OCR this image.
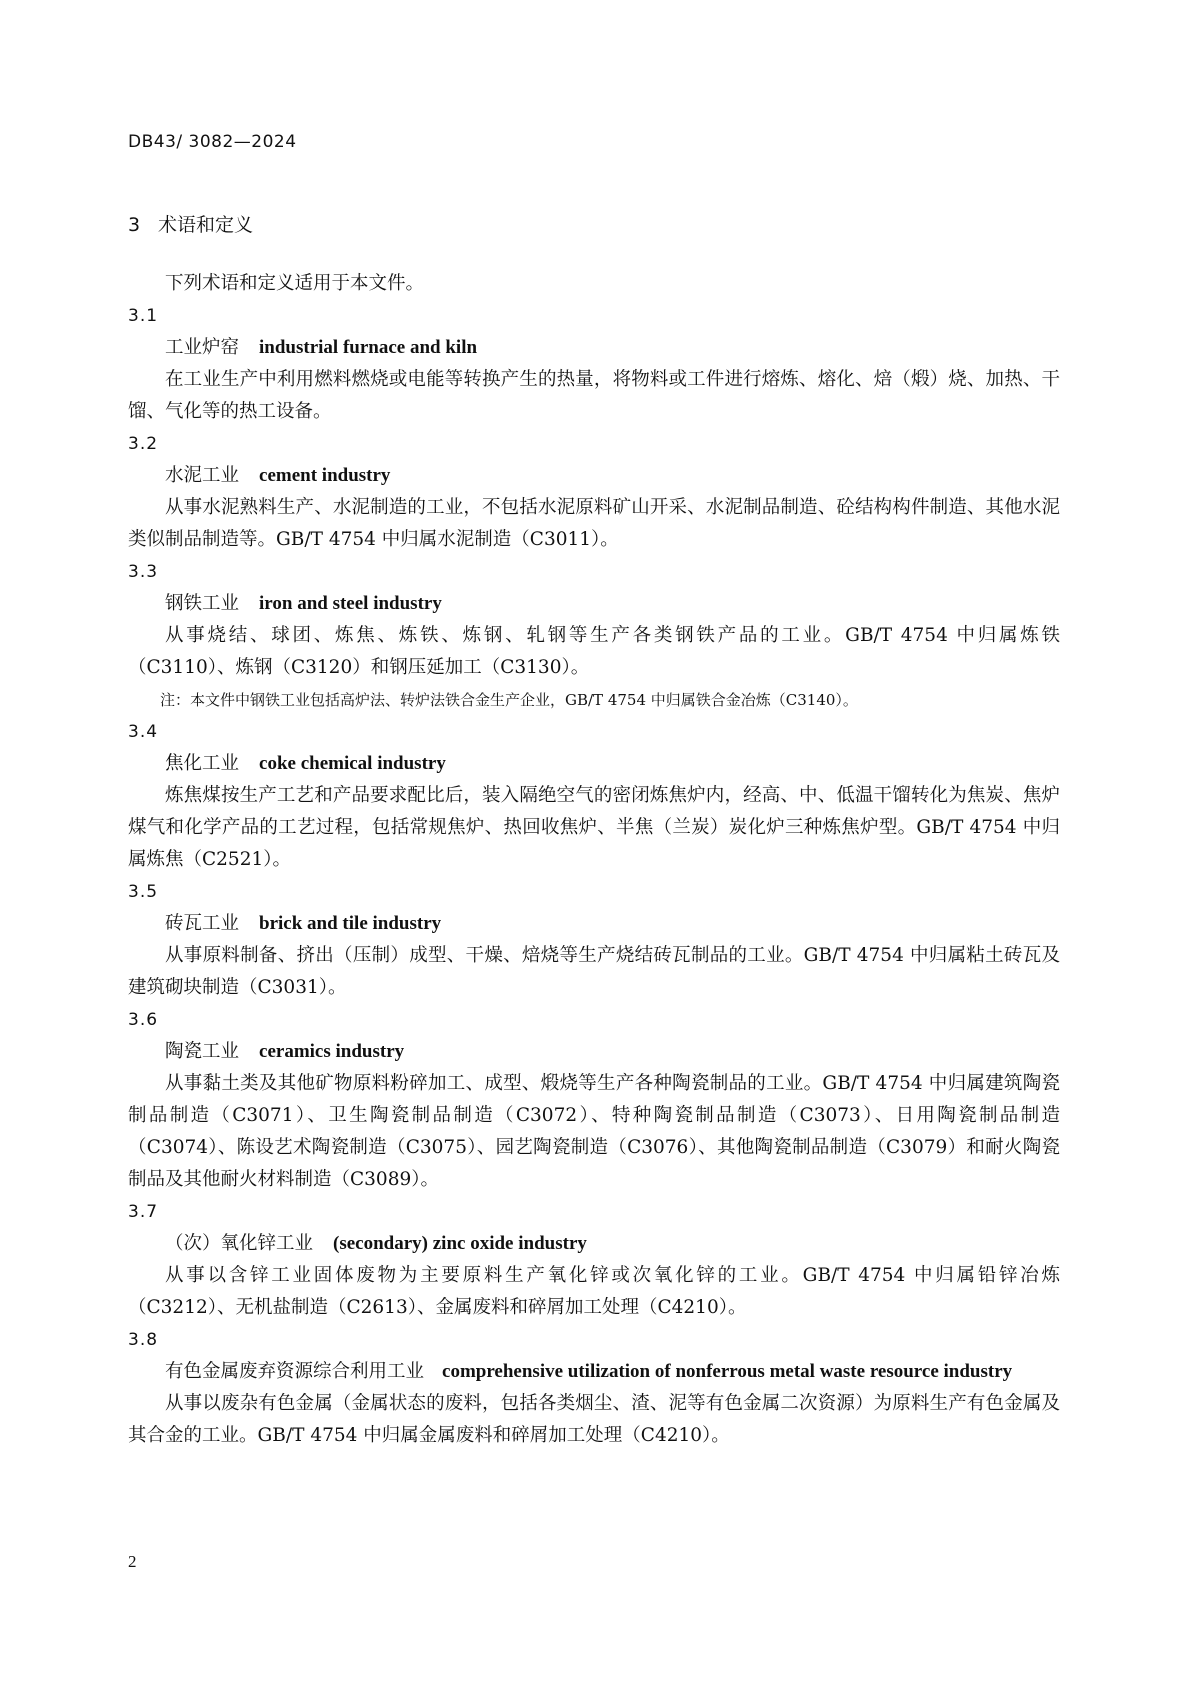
DB43/ 3082—2024
3 术语和定义

下列术语和定义适用于本文件。

3.1

工业炉窑 industrial furnace and kiln

在工业生产中利用燃料燃烧或电能等转换产生的热量，将物料或工件进行熔炼、熔化、焙（煅）烧、加热、干馏、气化等的热工设备。

3.2

水泥工业 cement industry

从事水泥熟料生产、水泥制造的工业，不包括水泥原料矿山开采、水泥制品制造、砼结构构件制造、其他水泥类似制品制造等。GB/T 4754 中归属水泥制造（C3011）。

3.3

钢铁工业 iron and steel industry

从事烧结、球团、炼焦、炼铁、炼钢、轧钢等生产各类钢铁产品的工业。GB/T 4754 中归属炼铁（C3110）、炼钢（C3120）和钢压延加工（C3130）。

注：本文件中钢铁工业包括高炉法、转炉法铁合金生产企业，GB/T 4754 中归属铁合金冶炼（C3140）。

3.4

焦化工业 coke chemical industry

炼焦煤按生产工艺和产品要求配比后，装入隔绝空气的密闭炼焦炉内，经高、中、低温干馏转化为焦炭、焦炉煤气和化学产品的工艺过程，包括常规焦炉、热回收焦炉、半焦（兰炭）炭化炉三种炼焦炉型。GB/T 4754 中归属炼焦（C2521）。

3.5

砖瓦工业 brick and tile industry

从事原料制备、挤出（压制）成型、干燥、焙烧等生产烧结砖瓦制品的工业。GB/T 4754 中归属粘土砖瓦及建筑砌块制造（C3031）。

3.6

陶瓷工业 ceramics industry

从事黏土类及其他矿物原料粉碎加工、成型、煅烧等生产各种陶瓷制品的工业。GB/T 4754 中归属建筑陶瓷制品制造（C3071）、卫生陶瓷制品制造（C3072）、特种陶瓷制品制造（C3073）、日用陶瓷制品制造（C3074）、陈设艺术陶瓷制造（C3075）、园艺陶瓷制造（C3076）、其他陶瓷制品制造（C3079）和耐火陶瓷制品及其他耐火材料制造（C3089）。

3.7

（次）氧化锌工业 (secondary) zinc oxide industry

从事以含锌工业固体废物为主要原料生产氧化锌或次氧化锌的工业。GB/T 4754 中归属铅锌冶炼（C3212）、无机盐制造（C2613）、金属废料和碎屑加工处理（C4210）。

3.8

有色金属废弃资源综合利用工业 comprehensive utilization of nonferrous metal waste resource industry

从事以废杂有色金属（金属状态的废料，包括各类烟尘、渣、泥等有色金属二次资源）为原料生产有色金属及其合金的工业。GB/T 4754 中归属金属废料和碎屑加工处理（C4210）。

2
